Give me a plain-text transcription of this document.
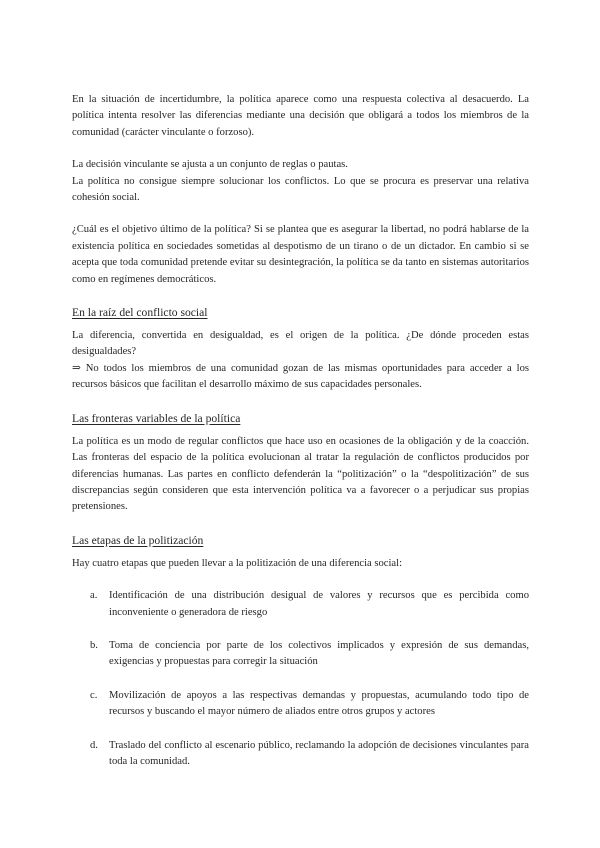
En la situación de incertidumbre, la política aparece como una respuesta colectiva al desacuerdo. La política intenta resolver las diferencias mediante una decisión que obligará a todos los miembros de la comunidad (carácter vinculante o forzoso).

La decisión vinculante se ajusta a un conjunto de reglas o pautas.

La política no consigue siempre solucionar los conflictos. Lo que se procura es preservar una relativa cohesión social.

¿Cuál es el objetivo último de la política? Si se plantea que es asegurar la libertad, no podrá hablarse de la existencia política en sociedades sometidas al despotismo de un tirano o de un dictador. En cambio si se acepta que toda comunidad pretende evitar su desintegración, la política se da tanto en sistemas autoritarios como en regímenes democráticos.

En la raíz del conflicto social

La diferencia, convertida en desigualdad, es el origen de la política. ¿De dónde proceden estas desigualdades?

⇒ No todos los miembros de una comunidad gozan de las mismas oportunidades para acceder a los recursos básicos que facilitan el desarrollo máximo de sus capacidades personales.

Las fronteras variables de la política

La política es un modo de regular conflictos que hace uso en ocasiones de la obligación y de la coacción. Las fronteras del espacio de la política evolucionan al tratar la regulación de conflictos producidos por diferencias humanas. Las partes en conflicto defenderán la “politización” o la “despolitización” de sus discrepancias según consideren que esta intervención política va a favorecer o a perjudicar sus propias pretensiones.

Las etapas de la politización

Hay cuatro etapas que pueden llevar a la politización de una diferencia social:

a.	Identificación de una distribución desigual de valores y recursos que es percibida como inconveniente o generadora de riesgo
b.	Toma de conciencia por parte de los colectivos implicados y expresión de sus demandas, exigencias y propuestas para corregir la situación
c.	Movilización de apoyos a las respectivas demandas y propuestas, acumulando todo tipo de recursos y buscando el mayor número de aliados entre otros grupos y actores
d.	Traslado del conflicto al escenario público, reclamando la adopción de decisiones vinculantes para toda la comunidad.
